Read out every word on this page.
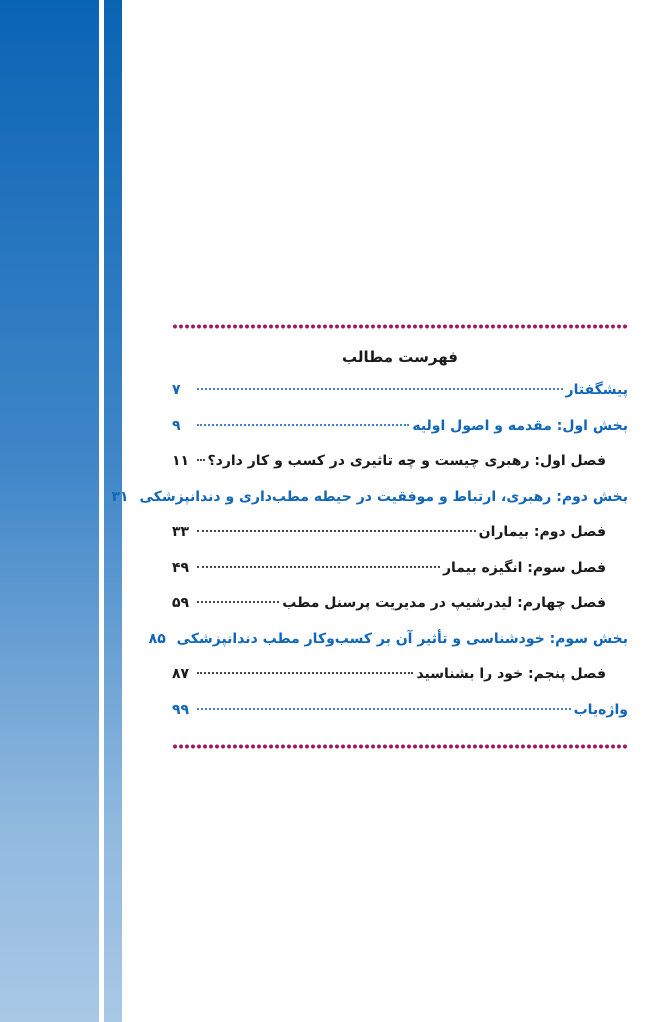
فهرست مطالب
پیشگفتار
۷
بخش اول: مقدمه و اصول اولیه
۹
فصل اول: رهبری چیست و چه تاثیری در کسب و کار دارد؟
۱۱
بخش دوم: رهبری، ارتباط و موفقیت در حیطه مطب‌داری و دندانپزشکی
۳۱
فصل دوم: بیماران
۳۳
فصل سوم: انگیزه بیمار
۴۹
فصل چهارم: لیدرشیپ در مدیریت پرسنل مطب
۵۹
بخش سوم: خودشناسی و تأثیر آن بر کسب‌وکار مطب دندانپزشکی
۸۵
فصل پنجم: خود را بشناسید
۸۷
واژه‌یاب
۹۹
